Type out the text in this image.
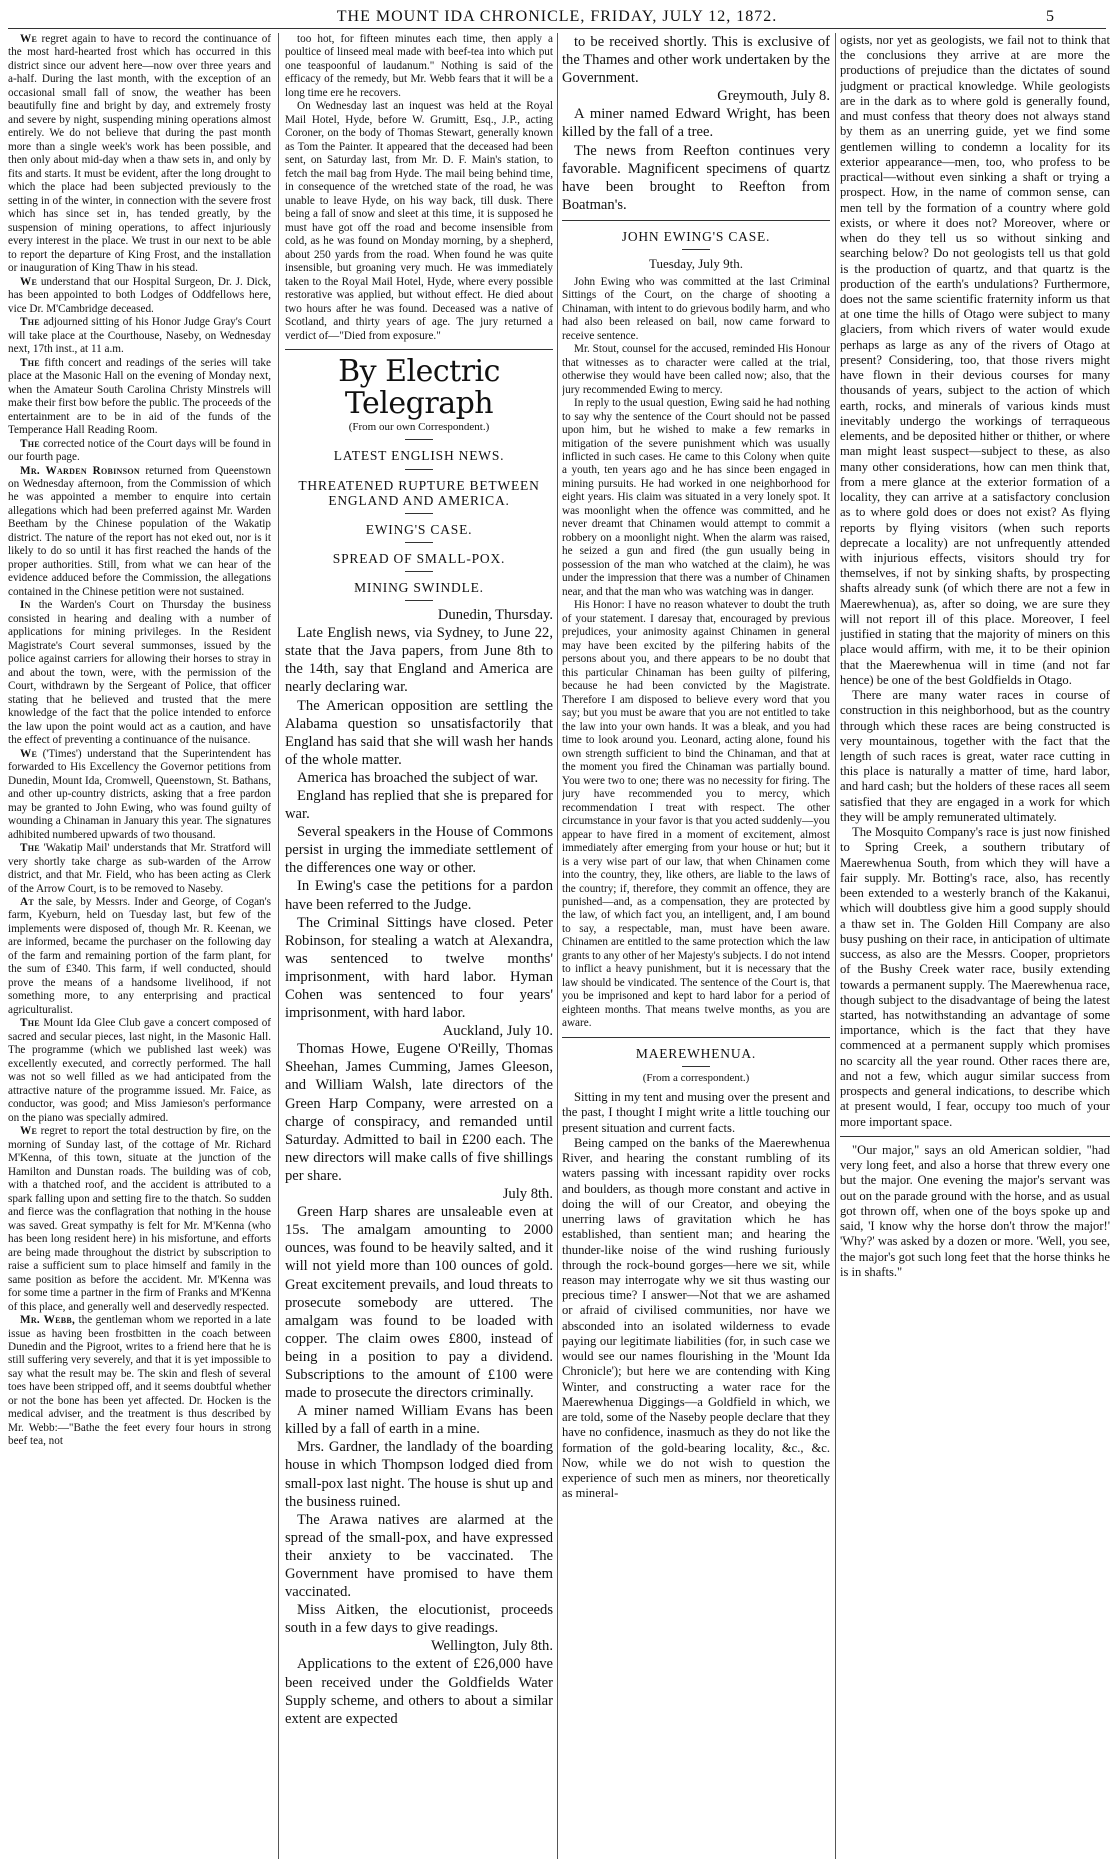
THE MOUNT IDA CHRONICLE, FRIDAY, JULY 12, 1872.	5

We regret again to have to record the continuance of the most hard-hearted frost which has occurred in this district since our advent here—now over three years and a-half. During the last month, with the exception of an occasional small fall of snow, the weather has been beautifully fine and bright by day, and extremely frosty and severe by night, suspending mining operations almost entirely. We do not believe that during the past month more than a single week's work has been possible, and then only about mid-day when a thaw sets in, and only by fits and starts. It must be evident, after the long drought to which the place had been subjected previously to the setting in of the winter, in connection with the severe frost which has since set in, has tended greatly, by the suspension of mining operations, to affect injuriously every interest in the place. We trust in our next to be able to report the departure of King Frost, and the installation or inauguration of King Thaw in his stead.

We understand that our Hospital Surgeon, Dr. J. Dick, has been appointed to both Lodges of Oddfellows here, vice Dr. M'Cambridge deceased.

The adjourned sitting of his Honor Judge Gray's Court will take place at the Courthouse, Naseby, on Wednesday next, 17th inst., at 11 a.m.

The fifth concert and readings of the series will take place at the Masonic Hall on the evening of Monday next, when the Amateur South Carolina Christy Minstrels will make their first bow before the public. The proceeds of the entertainment are to be in aid of the funds of the Temperance Hall Reading Room.

The corrected notice of the Court days will be found in our fourth page.

Mr. Warden Robinson returned from Queenstown on Wednesday afternoon, from the Commission of which he was appointed a member to enquire into certain allegations which had been preferred against Mr. Warden Beetham by the Chinese population of the Wakatip district. The nature of the report has not eked out, nor is it likely to do so until it has first reached the hands of the proper authorities. Still, from what we can hear of the evidence adduced before the Commission, the allegations contained in the Chinese petition were not sustained.

In the Warden's Court on Thursday the business consisted in hearing and dealing with a number of applications for mining privileges. In the Resident Magistrate's Court several summonses, issued by the police against carriers for allowing their horses to stray in and about the town, were, with the permission of the Court, withdrawn by the Sergeant of Police, that officer stating that he believed and trusted that the mere knowledge of the fact that the police intended to enforce the law upon the point would act as a caution, and have the effect of preventing a continuance of the nuisance.

We ('Times') understand that the Superintendent has forwarded to His Excellency the Governor petitions from Dunedin, Mount Ida, Cromwell, Queenstown, St. Bathans, and other up-country districts, asking that a free pardon may be granted to John Ewing, who was found guilty of wounding a Chinaman in January this year. The signatures adhibited numbered upwards of two thousand.

The 'Wakatip Mail' understands that Mr. Stratford will very shortly take charge as sub-warden of the Arrow district, and that Mr. Field, who has been acting as Clerk of the Arrow Court, is to be removed to Naseby.

At the sale, by Messrs. Inder and George, of Cogan's farm, Kyeburn, held on Tuesday last, but few of the implements were disposed of, though Mr. R. Keenan, we are informed, became the purchaser on the following day of the farm and remaining portion of the farm plant, for the sum of £340. This farm, if well conducted, should prove the means of a handsome livelihood, if not something more, to any enterprising and practical agriculturalist.

The Mount Ida Glee Club gave a concert composed of sacred and secular pieces, last night, in the Masonic Hall. The programme (which we published last week) was excellently executed, and correctly performed. The hall was not so well filled as we had anticipated from the attractive nature of the programme issued. Mr. Faice, as conductor, was good; and Miss Jamieson's performance on the piano was specially admired.

We regret to report the total destruction by fire, on the morning of Sunday last, of the cottage of Mr. Richard M'Kenna, of this town, situate at the junction of the Hamilton and Dunstan roads. The building was of cob, with a thatched roof, and the accident is attributed to a spark falling upon and setting fire to the thatch. So sudden and fierce was the conflagration that nothing in the house was saved. Great sympathy is felt for Mr. M'Kenna (who has been long resident here) in his misfortune, and efforts are being made throughout the district by subscription to raise a sufficient sum to place himself and family in the same position as before the accident. Mr. M'Kenna was for some time a partner in the firm of Franks and M'Kenna of this place, and generally well and deservedly respected.

Mr. Webb, the gentleman whom we reported in a late issue as having been frostbitten in the coach between Dunedin and the Pigroot, writes to a friend here that he is still suffering very severely, and that it is yet impossible to say what the result may be. The skin and flesh of several toes have been stripped off, and it seems doubtful whether or not the bone has been yet affected. Dr. Hocken is the medical adviser, and the treatment is thus described by Mr. Webb:—"Bathe the feet every four hours in strong beef tea, not

too hot, for fifteen minutes each time, then apply a poultice of linseed meal made with beef-tea into which put one teaspoonful of laudanum." Nothing is said of the efficacy of the remedy, but Mr. Webb fears that it will be a long time ere he recovers.

On Wednesday last an inquest was held at the Royal Mail Hotel, Hyde, before W. Grumitt, Esq., J.P., acting Coroner, on the body of Thomas Stewart, generally known as Tom the Painter. It appeared that the deceased had been sent, on Saturday last, from Mr. D. F. Main's station, to fetch the mail bag from Hyde. The mail being behind time, in consequence of the wretched state of the road, he was unable to leave Hyde, on his way back, till dusk. There being a fall of snow and sleet at this time, it is supposed he must have got off the road and become insensible from cold, as he was found on Monday morning, by a shepherd, about 250 yards from the road. When found he was quite insensible, but groaning very much. He was immediately taken to the Royal Mail Hotel, Hyde, where every possible restorative was applied, but without effect. He died about two hours after he was found. Deceased was a native of Scotland, and thirty years of age. The jury returned a verdict of—"Died from exposure."

By Electric Telegraph
(From our own Correspondent.)
LATEST ENGLISH NEWS.
THREATENED RUPTURE BETWEEN ENGLAND AND AMERICA.
EWING'S CASE.
SPREAD OF SMALL-POX.
MINING SWINDLE.

Dunedin, Thursday.

Late English news, via Sydney, to June 22, state that the Java papers, from June 8th to the 14th, say that England and America are nearly declaring war.

The American opposition are settling the Alabama question so unsatisfactorily that England has said that she will wash her hands of the whole matter.

America has broached the subject of war.

England has replied that she is prepared for war.

Several speakers in the House of Commons persist in urging the immediate settlement of the differences one way or other.

In Ewing's case the petitions for a pardon have been referred to the Judge.

The Criminal Sittings have closed. Peter Robinson, for stealing a watch at Alexandra, was sentenced to twelve months' imprisonment, with hard labor. Hyman Cohen was sentenced to four years' imprisonment, with hard labor.

Auckland, July 10.

Thomas Howe, Eugene O'Reilly, Thomas Sheehan, James Cumming, James Gleeson, and William Walsh, late directors of the Green Harp Company, were arrested on a charge of conspiracy, and remanded until Saturday. Admitted to bail in £200 each. The new directors will make calls of five shillings per share.

July 8th.

Green Harp shares are unsaleable even at 15s. The amalgam amounting to 2000 ounces, was found to be heavily salted, and it will not yield more than 100 ounces of gold. Great excitement prevails, and loud threats to prosecute somebody are uttered. The amalgam was found to be loaded with copper. The claim owes £800, instead of being in a position to pay a dividend. Subscriptions to the amount of £100 were made to prosecute the directors criminally.

A miner named William Evans has been killed by a fall of earth in a mine.

Mrs. Gardner, the landlady of the boarding house in which Thompson lodged died from small-pox last night. The house is shut up and the business ruined.

The Arawa natives are alarmed at the spread of the small-pox, and have expressed their anxiety to be vaccinated. The Government have promised to have them vaccinated.

Miss Aitken, the elocutionist, proceeds south in a few days to give readings.

Wellington, July 8th.

Applications to the extent of £26,000 have been received under the Goldfields Water Supply scheme, and others to about a similar extent are expected

to be received shortly. This is exclusive of the Thames and other work undertaken by the Government.

Greymouth, July 8.

A miner named Edward Wright, has been killed by the fall of a tree.

The news from Reefton continues very favorable. Magnificent specimens of quartz have been brought to Reefton from Boatman's.

JOHN EWING'S CASE.
Tuesday, July 9th.

John Ewing who was committed at the last Criminal Sittings of the Court, on the charge of shooting a Chinaman, with intent to do grievous bodily harm, and who had also been released on bail, now came forward to receive sentence.

Mr. Stout, counsel for the accused, reminded His Honour that witnesses as to character were called at the trial, otherwise they would have been called now; also, that the jury recommended Ewing to mercy.

In reply to the usual question, Ewing said he had nothing to say why the sentence of the Court should not be passed upon him, but he wished to make a few remarks in mitigation of the severe punishment which was usually inflicted in such cases. He came to this Colony when quite a youth, ten years ago and he has since been engaged in mining pursuits. He had worked in one neighborhood for eight years. His claim was situated in a very lonely spot. It was moonlight when the offence was committed, and he never dreamt that Chinamen would attempt to commit a robbery on a moonlight night. When the alarm was raised, he seized a gun and fired (the gun usually being in possession of the man who watched at the claim), he was under the impression that there was a number of Chinamen near, and that the man who was watching was in danger.

His Honor: I have no reason whatever to doubt the truth of your statement. I daresay that, encouraged by previous prejudices, your animosity against Chinamen in general may have been excited by the pilfering habits of the persons about you, and there appears to be no doubt that this particular Chinaman has been guilty of pilfering, because he had been convicted by the Magistrate. Therefore I am disposed to believe every word that you say; but you must be aware that you are not entitled to take the law into your own hands. It was a bleak, and you had time to look around you. Leonard, acting alone, found his own strength sufficient to bind the Chinaman, and that at the moment you fired the Chinaman was partially bound. You were two to one; there was no necessity for firing. The jury have recommended you to mercy, which recommendation I treat with respect. The other circumstance in your favor is that you acted suddenly—you appear to have fired in a moment of excitement, almost immediately after emerging from your house or hut; but it is a very wise part of our law, that when Chinamen come into the country, they, like others, are liable to the laws of the country; if, therefore, they commit an offence, they are punished—and, as a compensation, they are protected by the law, of which fact you, an intelligent, and, I am bound to say, a respectable, man, must have been aware. Chinamen are entitled to the same protection which the law grants to any other of her Majesty's subjects. I do not intend to inflict a heavy punishment, but it is necessary that the law should be vindicated. The sentence of the Court is, that you be imprisoned and kept to hard labor for a period of eighteen months. That means twelve months, as you are aware.

MAEREWHENUA.
(From a correspondent.)

Sitting in my tent and musing over the present and the past, I thought I might write a little touching our present situation and current facts.

Being camped on the banks of the Maerewhenua River, and hearing the constant rumbling of its waters passing with incessant rapidity over rocks and boulders, as though more constant and active in doing the will of our Creator, and obeying the unerring laws of gravitation which he has established, than sentient man; and hearing the thunder-like noise of the wind rushing furiously through the rock-bound gorges—here we sit, while reason may interrogate why we sit thus wasting our precious time? I answer—Not that we are ashamed or afraid of civilised communities, nor have we absconded into an isolated wilderness to evade paying our legitimate liabilities (for, in such case we would see our names flourishing in the 'Mount Ida Chronicle'); but here we are contending with King Winter, and constructing a water race for the Maerewhenua Diggings—a Goldfield in which, we are told, some of the Naseby people declare that they have no confidence, inasmuch as they do not like the formation of the gold-bearing locality, &c., &c. Now, while we do not wish to question the experience of such men as miners, nor theoretically as mineral-

ogists, nor yet as geologists, we fail not to think that the conclusions they arrive at are more the productions of prejudice than the dictates of sound judgment or practical knowledge. While geologists are in the dark as to where gold is generally found, and must confess that theory does not always stand by them as an unerring guide, yet we find some gentlemen willing to condemn a locality for its exterior appearance—men, too, who profess to be practical—without even sinking a shaft or trying a prospect. How, in the name of common sense, can men tell by the formation of a country where gold exists, or where it does not? Moreover, where or when do they tell us so without sinking and searching below? Do not geologists tell us that gold is the production of quartz, and that quartz is the production of the earth's undulations? Furthermore, does not the same scientific fraternity inform us that at one time the hills of Otago were subject to many glaciers, from which rivers of water would exude perhaps as large as any of the rivers of Otago at present? Considering, too, that those rivers might have flown in their devious courses for many thousands of years, subject to the action of which earth, rocks, and minerals of various kinds must inevitably undergo the workings of terraqueous elements, and be deposited hither or thither, or where man might least suspect—subject to these, as also many other considerations, how can men think that, from a mere glance at the exterior formation of a locality, they can arrive at a satisfactory conclusion as to where gold does or does not exist? As flying reports by flying visitors (when such reports deprecate a locality) are not unfrequently attended with injurious effects, visitors should try for themselves, if not by sinking shafts, by prospecting shafts already sunk (of which there are not a few in Maerewhenua), as, after so doing, we are sure they will not report ill of this place. Moreover, I feel justified in stating that the majority of miners on this place would affirm, with me, it to be their opinion that the Maerewhenua will in time (and not far hence) be one of the best Goldfields in Otago.

There are many water races in course of construction in this neighborhood, but as the country through which these races are being constructed is very mountainous, together with the fact that the length of such races is great, water race cutting in this place is naturally a matter of time, hard labor, and hard cash; but the holders of these races all seem satisfied that they are engaged in a work for which they will be amply remunerated ultimately.

The Mosquito Company's race is just now finished to Spring Creek, a southern tributary of Maerewhenua South, from which they will have a fair supply. Mr. Botting's race, also, has recently been extended to a westerly branch of the Kakanui, which will doubtless give him a good supply should a thaw set in. The Golden Hill Company are also busy pushing on their race, in anticipation of ultimate success, as also are the Messrs. Cooper, proprietors of the Bushy Creek water race, busily extending towards a permanent supply. The Maerewhenua race, though subject to the disadvantage of being the latest started, has notwithstanding an advantage of some importance, which is the fact that they have commenced at a permanent supply which promises no scarcity all the year round. Other races there are, and not a few, which augur similar success from prospects and general indications, to describe which at present would, I fear, occupy too much of your more important space.

"Our major," says an old American soldier, "had very long feet, and also a horse that threw every one but the major. One evening the major's servant was out on the parade ground with the horse, and as usual got thrown off, when one of the boys spoke up and said, 'I know why the horse don't throw the major!' 'Why?' was asked by a dozen or more. 'Well, you see, the major's got such long feet that the horse thinks he is in shafts."
